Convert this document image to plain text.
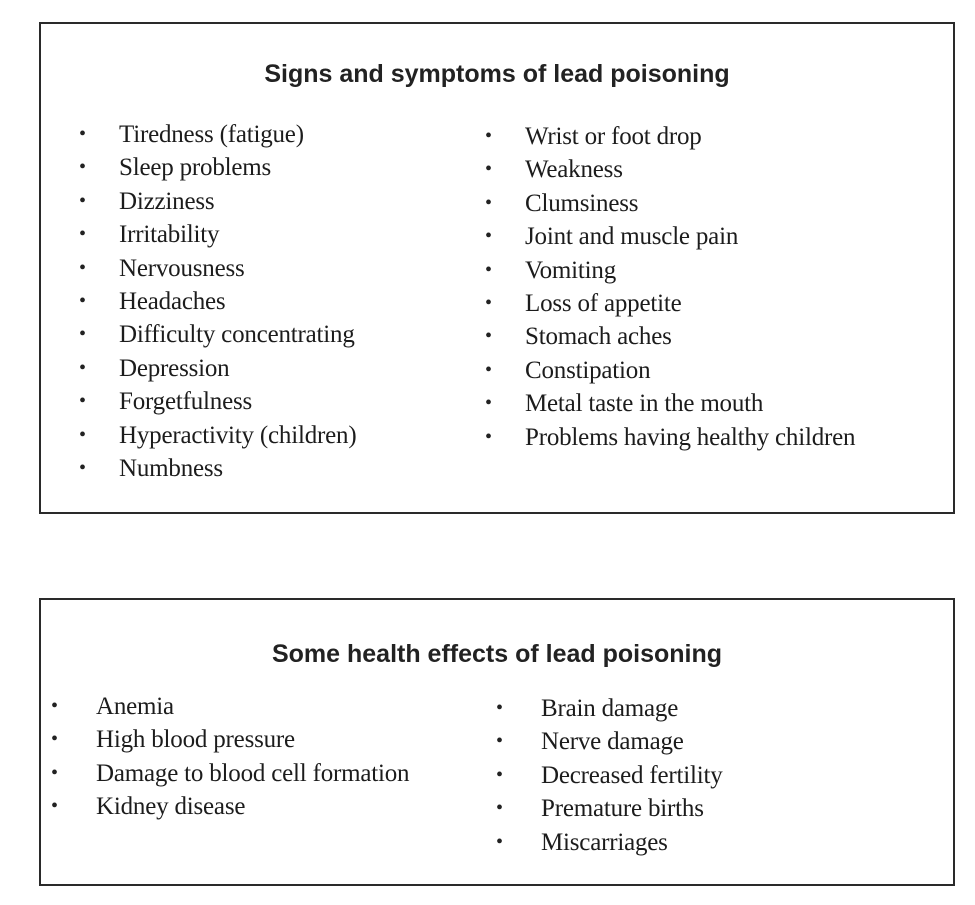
Signs and symptoms of lead poisoning
• Tiredness (fatigue)
• Sleep problems
• Dizziness
• Irritability
• Nervousness
• Headaches
• Difficulty concentrating
• Depression
• Forgetfulness
• Hyperactivity (children)
• Numbness
• Wrist or foot drop
• Weakness
• Clumsiness
• Joint and muscle pain
• Vomiting
• Loss of appetite
• Stomach aches
• Constipation
• Metal taste in the mouth
• Problems having healthy children
Some health effects of lead poisoning
• Anemia
• High blood pressure
• Damage to blood cell formation
• Kidney disease
• Brain damage
• Nerve damage
• Decreased fertility
• Premature births
• Miscarriages
